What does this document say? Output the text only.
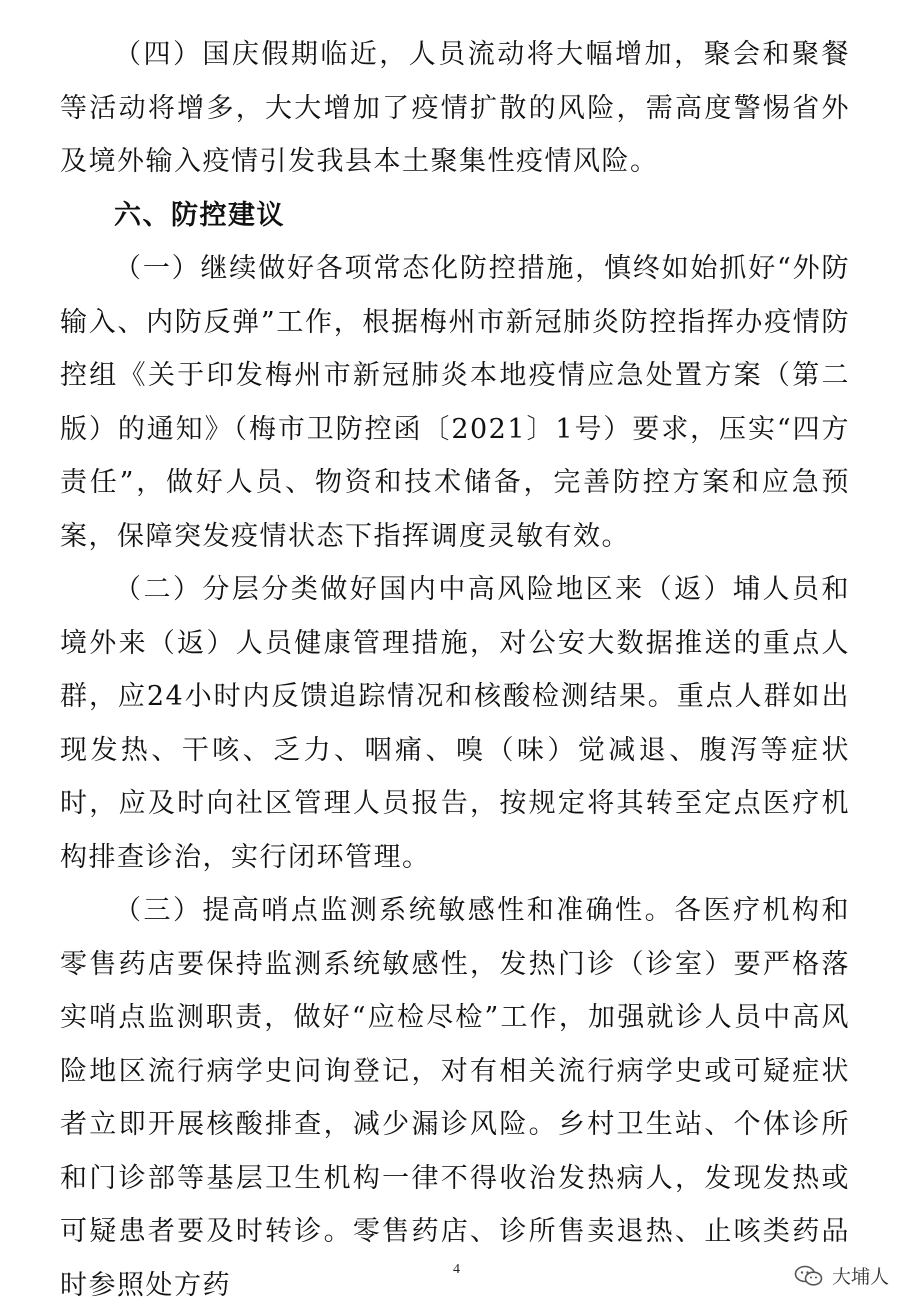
（四）国庆假期临近，人员流动将大幅增加，聚会和聚餐等活动将增多，大大增加了疫情扩散的风险，需高度警惕省外及境外输入疫情引发我县本土聚集性疫情风险。

六、防控建议

（一）继续做好各项常态化防控措施，慎终如始抓好“外防输入、内防反弹”工作，根据梅州市新冠肺炎防控指挥办疫情防控组《关于印发梅州市新冠肺炎本地疫情应急处置方案（第二版）的通知》（梅市卫防控函〔2021〕1号）要求，压实“四方责任”，做好人员、物资和技术储备，完善防控方案和应急预案，保障突发疫情状态下指挥调度灵敏有效。

（二）分层分类做好国内中高风险地区来（返）埔人员和境外来（返）人员健康管理措施，对公安大数据推送的重点人群，应24小时内反馈追踪情况和核酸检测结果。重点人群如出现发热、干咳、乏力、咽痛、嗅（味）觉减退、腹泻等症状时，应及时向社区管理人员报告，按规定将其转至定点医疗机构排查诊治，实行闭环管理。

（三）提高哨点监测系统敏感性和准确性。各医疗机构和零售药店要保持监测系统敏感性，发热门诊（诊室）要严格落实哨点监测职责，做好“应检尽检”工作，加强就诊人员中高风险地区流行病学史问询登记，对有相关流行病学史或可疑症状者立即开展核酸排查，减少漏诊风险。乡村卫生站、个体诊所和门诊部等基层卫生机构一律不得收治发热病人，发现发热或可疑患者要及时转诊。零售药店、诊所售卖退热、止咳类药品时参照处方药	4	大埔人
